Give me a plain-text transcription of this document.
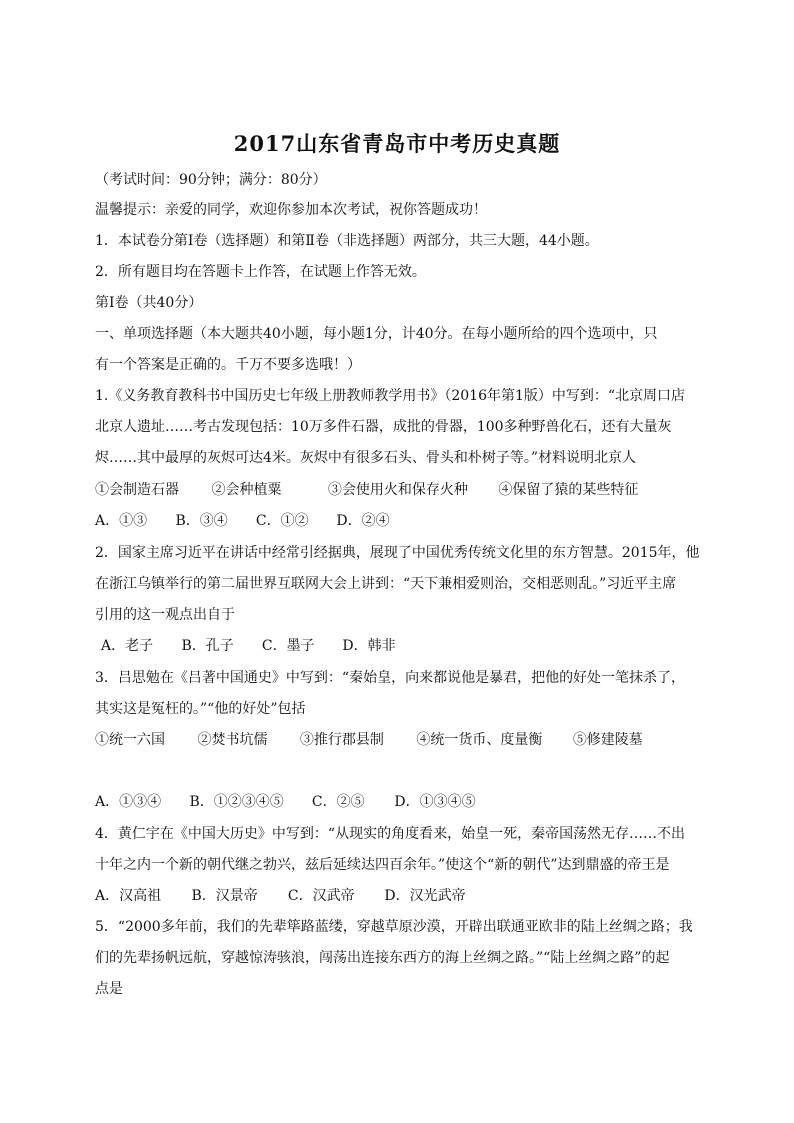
2017山东省青岛市中考历史真题
（考试时间：90分钟；满分：80分）
温馨提示：亲爱的同学，欢迎你参加本次考试，祝你答题成功！
1．本试卷分第Ⅰ卷（选择题）和第Ⅱ卷（非选择题）两部分，共三大题，44小题。
2．所有题目均在答题卡上作答，在试题上作答无效。
第Ⅰ卷（共40分）
一、单项选择题（本大题共40小题，每小题1分，计40分。在每小题所给的四个选项中，只
有一个答案是正确的。千万不要多选哦！）
1.《义务教育教科书中国历史七年级上册教师教学用书》（2016年第1版）中写到：“北京周口店
北京人遗址……考古发现包括：10万多件石器，成批的骨器，100多种野兽化石，还有大量灰
烬……其中最厚的灰烬可达4米。灰烬中有很多石头、骨头和朴树子等。”材料说明北京人
①会制造石器 ②会种植粟	③会使用火和保存火种 ④保留了猿的某些特征
A．①③ B．③④ C．①② D．②④
2．国家主席习近平在讲话中经常引经据典，展现了中国优秀传统文化里的东方智慧。2015年，他
在浙江乌镇举行的第二届世界互联网大会上讲到：“天下兼相爱则治，交相恶则乱。”习近平主席
引用的这一观点出自于
A．老子 B．孔子 C．墨子 D．韩非
3．吕思勉在《吕著中国通史》中写到：“秦始皇，向来都说他是暴君，把他的好处一笔抹杀了，
其实这是冤枉的。”“他的好处”包括
①统一六国 ②焚书坑儒 ③推行郡县制 ④统一货币、度量衡 ⑤修建陵墓
A．①③④ B．①②③④⑤ C．②⑤ D．①③④⑤
4．黄仁宇在《中国大历史》中写到：“从现实的角度看来，始皇一死，秦帝国荡然无存……不出
十年之内一个新的朝代继之勃兴，兹后延续达四百余年。”使这个“新的朝代”达到鼎盛的帝王是
A．汉高祖 B．汉景帝 C．汉武帝 D．汉光武帝
5．“2000多年前，我们的先辈筚路蓝缕，穿越草原沙漠，开辟出联通亚欧非的陆上丝绸之路；我
们的先辈扬帆远航，穿越惊涛骇浪，闯荡出连接东西方的海上丝绸之路。”“陆上丝绸之路”的起
点是
